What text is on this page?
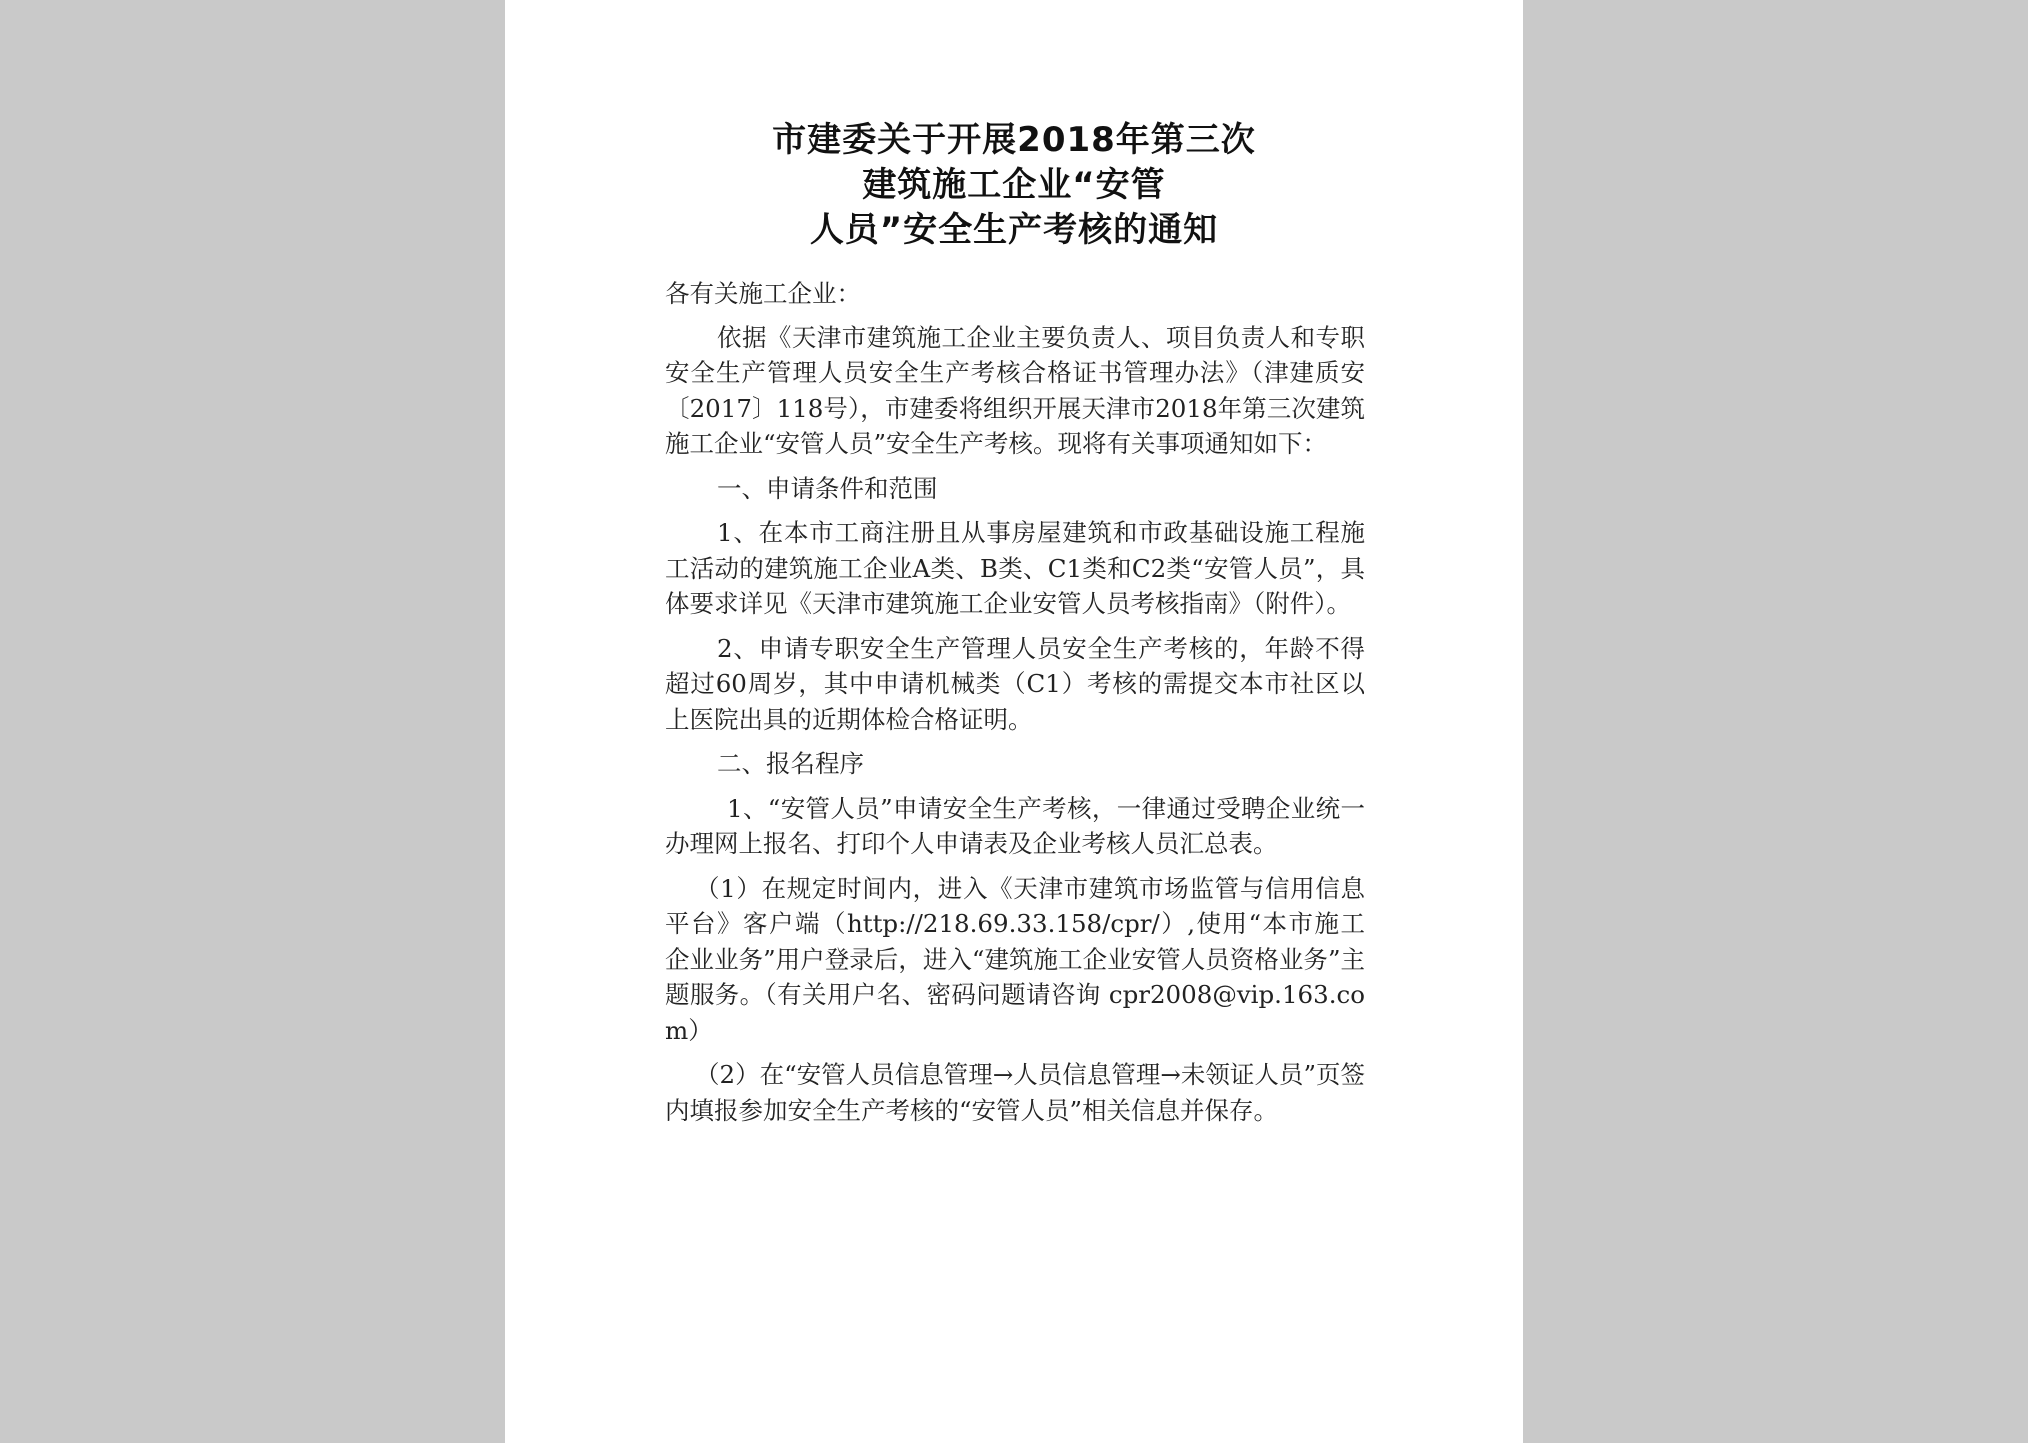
市建委关于开展2018年第三次
建筑施工企业“安管
人员”安全生产考核的通知

各有关施工企业：

依据《天津市建筑施工企业主要负责人、项目负责人和专职安全生产管理人员安全生产考核合格证书管理办法》（津建质安〔2017〕118号），市建委将组织开展天津市2018年第三次建筑施工企业“安管人员”安全生产考核。现将有关事项通知如下：

一、申请条件和范围

1、在本市工商注册且从事房屋建筑和市政基础设施工程施工活动的建筑施工企业A类、B类、C1类和C2类“安管人员”，具体要求详见《天津市建筑施工企业安管人员考核指南》（附件）。

2、申请专职安全生产管理人员安全生产考核的，年龄不得超过60周岁，其中申请机械类（C1）考核的需提交本市社区以上医院出具的近期体检合格证明。

二、报名程序

1、“安管人员”申请安全生产考核，一律通过受聘企业统一办理网上报名、打印个人申请表及企业考核人员汇总表。

（1）在规定时间内，进入《天津市建筑市场监管与信用信息平台》客户端（http://218.69.33.158/cpr/）,使用“本市施工企业业务”用户登录后，进入“建筑施工企业安管人员资格业务”主题服务。（有关用户名、密码问题请咨询 cpr2008@vip.163.com）

（2）在“安管人员信息管理→人员信息管理→未领证人员”页签内填报参加安全生产考核的“安管人员”相关信息并保存。
